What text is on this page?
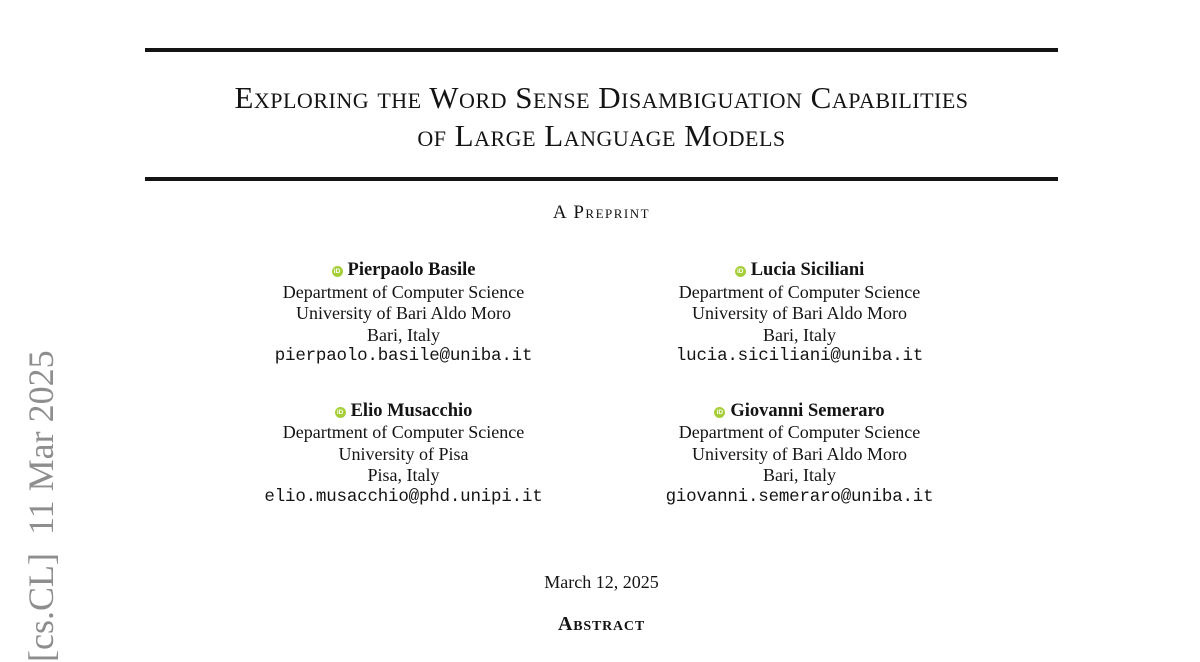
[cs.CL]  11 Mar 2025
Exploring the Word Sense Disambiguation Capabilities
of Large Language Models
A Preprint
iD Pierpaolo Basile
Department of Computer Science
University of Bari Aldo Moro
Bari, Italy
pierpaolo.basile@uniba.it
iD Lucia Siciliani
Department of Computer Science
University of Bari Aldo Moro
Bari, Italy
lucia.siciliani@uniba.it
iD Elio Musacchio
Department of Computer Science
University of Pisa
Pisa, Italy
elio.musacchio@phd.unipi.it
iD Giovanni Semeraro
Department of Computer Science
University of Bari Aldo Moro
Bari, Italy
giovanni.semeraro@uniba.it
March 12, 2025
Abstract
